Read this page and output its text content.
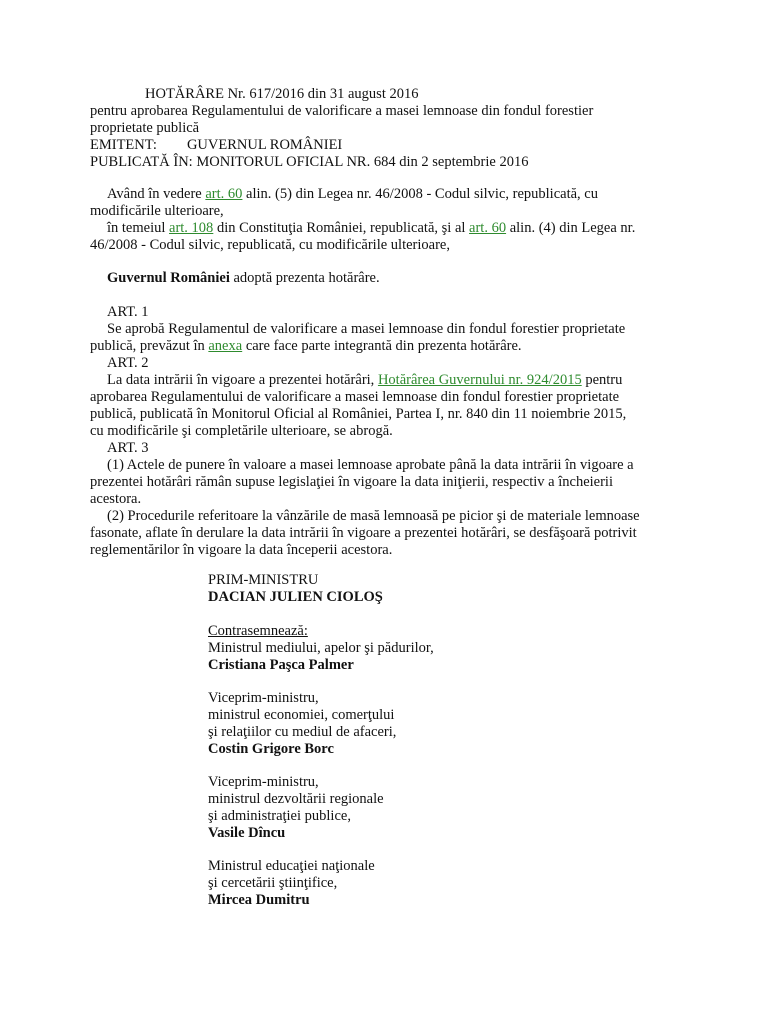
HOTĂRÂRE Nr. 617/2016 din 31 august 2016
pentru aprobarea Regulamentului de valorificare a masei lemnoase din fondul forestier
proprietate publică
EMITENT: GUVERNUL ROMÂNIEI
PUBLICATĂ ÎN: MONITORUL OFICIAL NR. 684 din 2 septembrie 2016
Având în vedere art. 60 alin. (5) din Legea nr. 46/2008 - Codul silvic, republicată, cu
modificările ulterioare,
în temeiul art. 108 din Constituţia României, republicată, şi al art. 60 alin. (4) din Legea nr.
46/2008 - Codul silvic, republicată, cu modificările ulterioare,
Guvernul României adoptă prezenta hotărâre.
ART. 1
Se aprobă Regulamentul de valorificare a masei lemnoase din fondul forestier proprietate
publică, prevăzut în anexa care face parte integrantă din prezenta hotărâre.
ART. 2
La data intrării în vigoare a prezentei hotărâri, Hotărârea Guvernului nr. 924/2015 pentru
aprobarea Regulamentului de valorificare a masei lemnoase din fondul forestier proprietate
publică, publicată în Monitorul Oficial al României, Partea I, nr. 840 din 11 noiembrie 2015,
cu modificările şi completările ulterioare, se abrogă.
ART. 3
(1) Actele de punere în valoare a masei lemnoase aprobate până la data intrării în vigoare a
prezentei hotărâri rămân supuse legislaţiei în vigoare la data iniţierii, respectiv a încheierii
acestora.
(2) Procedurile referitoare la vânzările de masă lemnoasă pe picior şi de materiale lemnoase
fasonate, aflate în derulare la data intrării în vigoare a prezentei hotărâri, se desfăşoară potrivit
reglementărilor în vigoare la data începerii acestora.
PRIM-MINISTRU
DACIAN JULIEN CIOLOŞ
Contrasemnează:
Ministrul mediului, apelor şi pădurilor,
Cristiana Paşca Palmer
Viceprim-ministru,
ministrul economiei, comerţului
şi relaţiilor cu mediul de afaceri,
Costin Grigore Borc
Viceprim-ministru,
ministrul dezvoltării regionale
şi administraţiei publice,
Vasile Dîncu
Ministrul educaţiei naţionale
şi cercetării ştiinţifice,
Mircea Dumitru
